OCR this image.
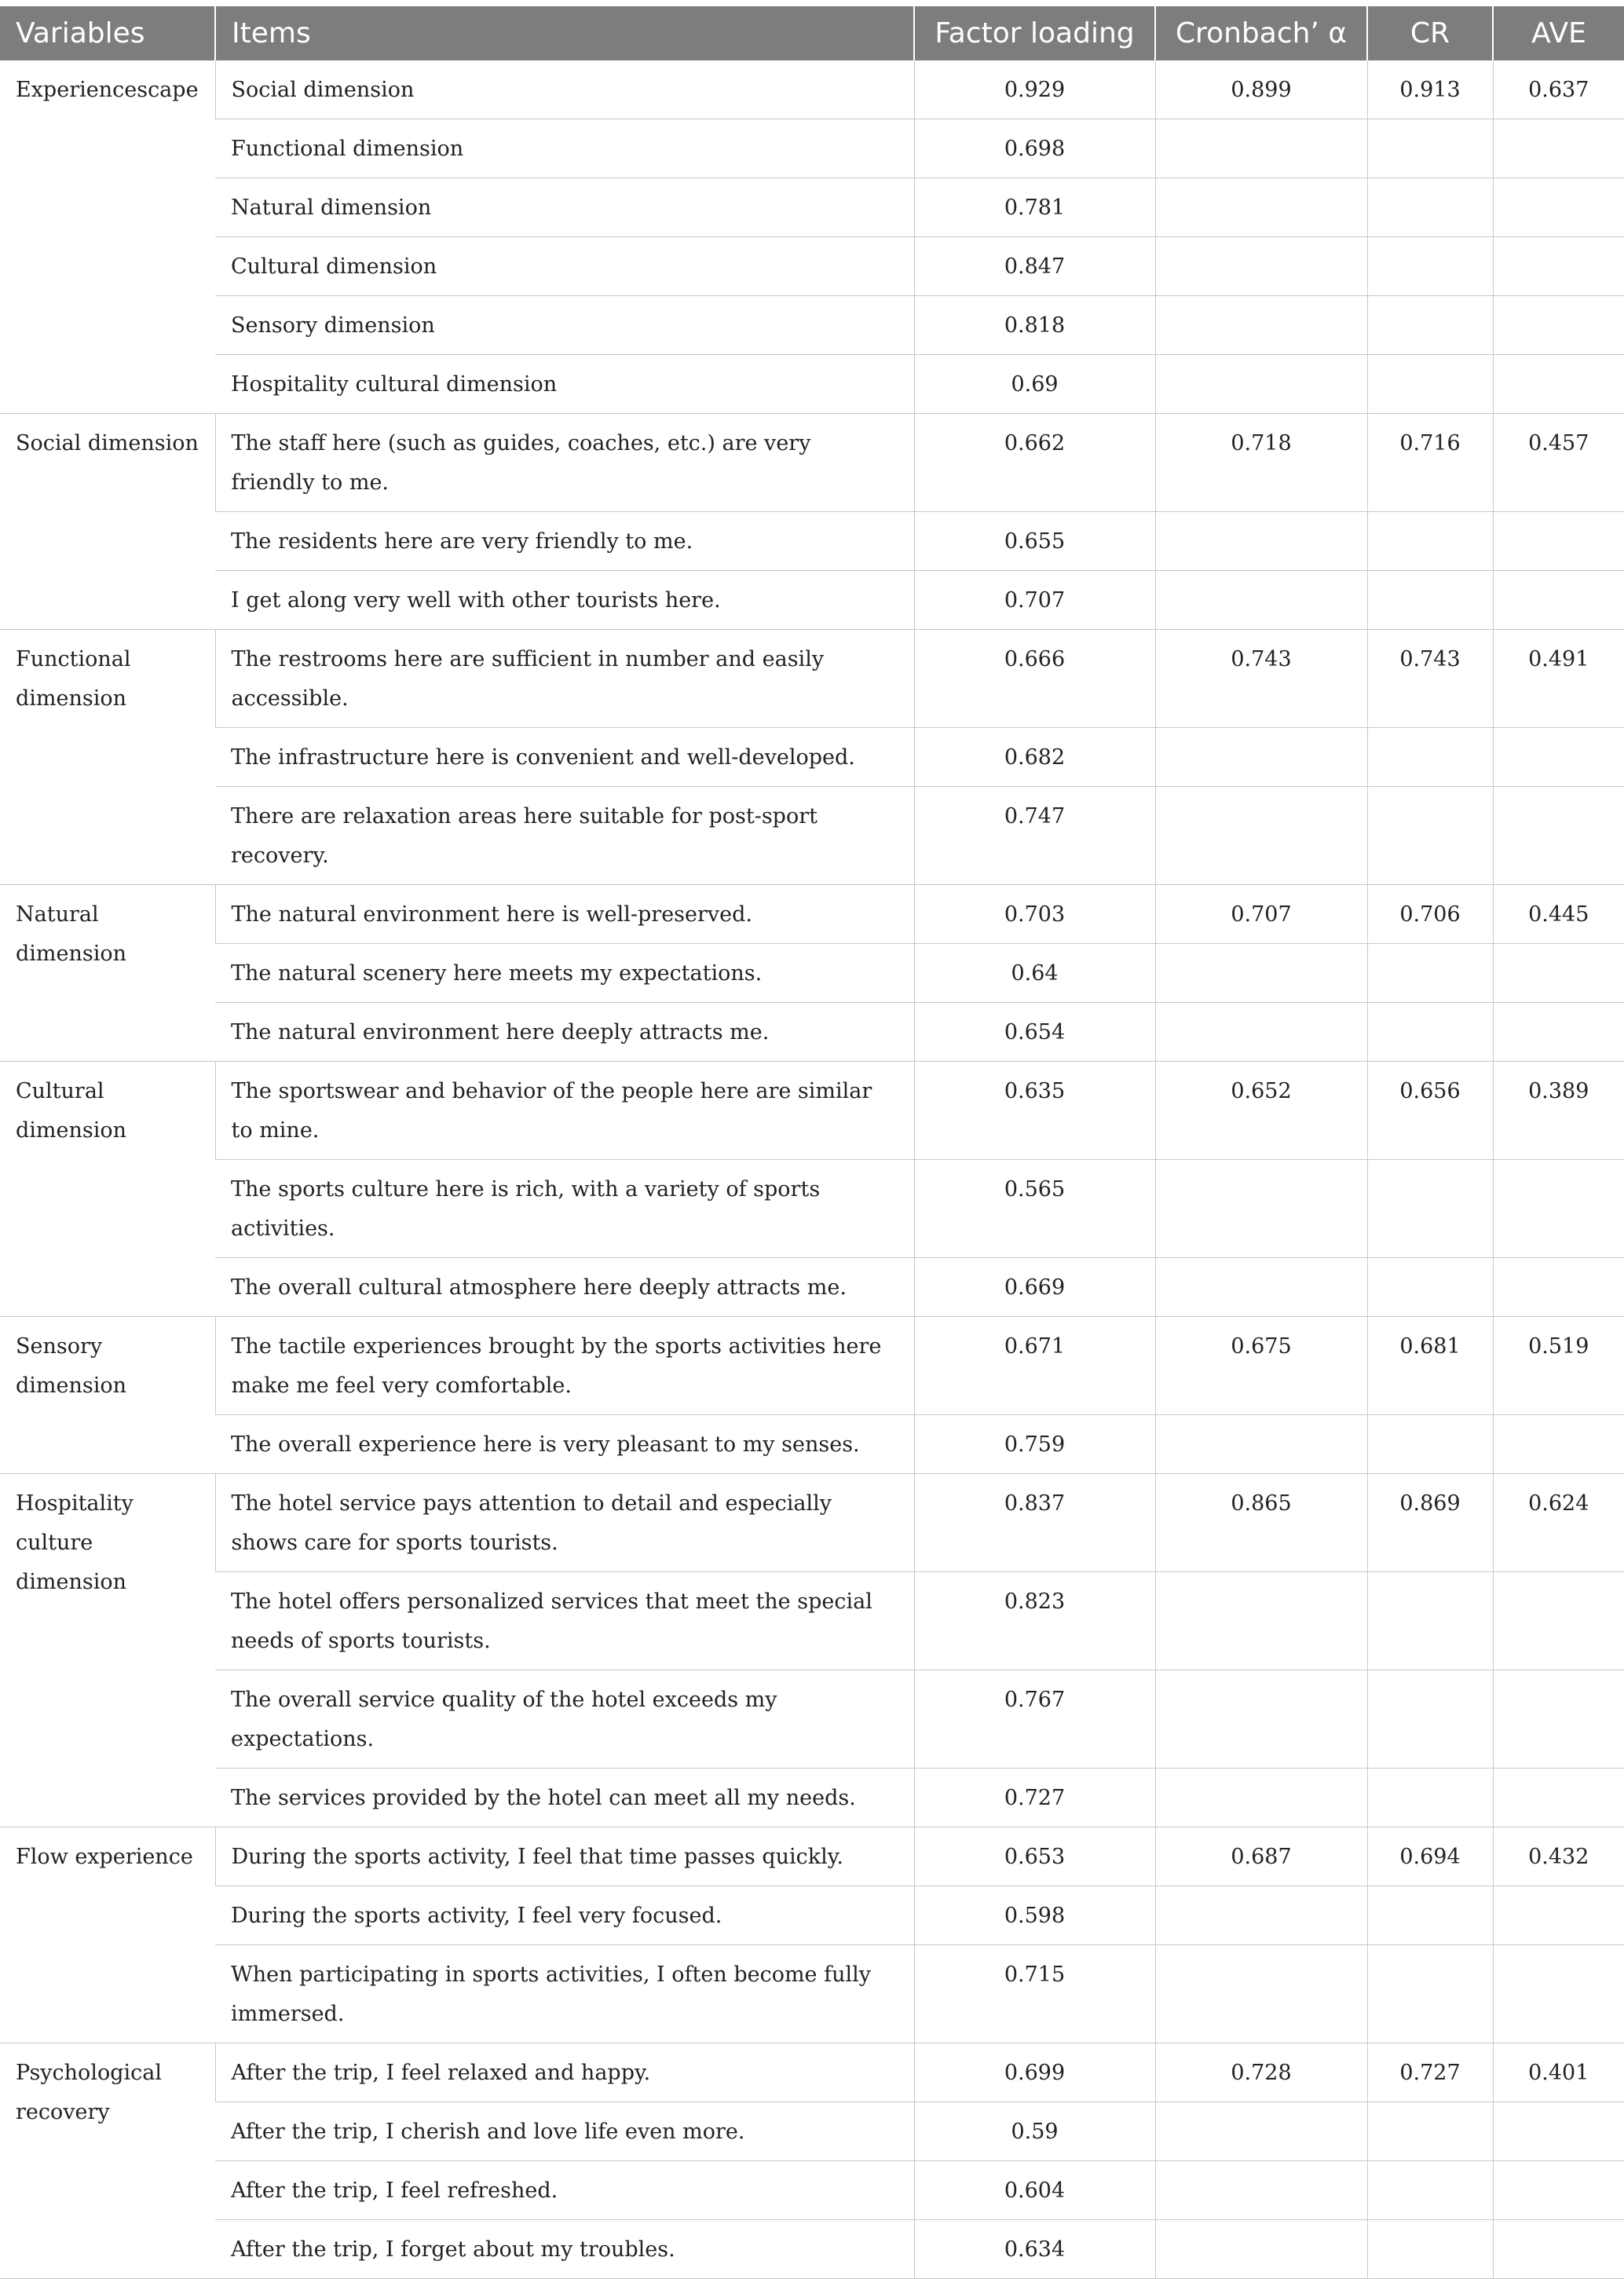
Variables	Items	Factor loading	Cronbach’ α	CR	AVE
Experiencescape	Social dimension	0.929	0.899	0.913	0.637
	Functional dimension	0.698			
	Natural dimension	0.781			
	Cultural dimension	0.847			
	Sensory dimension	0.818			
	Hospitality cultural dimension	0.69			
Social dimension	The staff here (such as guides, coaches, etc.) are very friendly to me.	0.662	0.718	0.716	0.457
	The residents here are very friendly to me.	0.655			
	I get along very well with other tourists here.	0.707			
Functional dimension	The restrooms here are sufficient in number and easily accessible.	0.666	0.743	0.743	0.491
	The infrastructure here is convenient and well-developed.	0.682			
	There are relaxation areas here suitable for post-sport recovery.	0.747			
Natural dimension	The natural environment here is well-preserved.	0.703	0.707	0.706	0.445
	The natural scenery here meets my expectations.	0.64			
	The natural environment here deeply attracts me.	0.654			
Cultural dimension	The sportswear and behavior of the people here are similar to mine.	0.635	0.652	0.656	0.389
	The sports culture here is rich, with a variety of sports activities.	0.565			
	The overall cultural atmosphere here deeply attracts me.	0.669			
Sensory dimension	The tactile experiences brought by the sports activities here make me feel very comfortable.	0.671	0.675	0.681	0.519
	The overall experience here is very pleasant to my senses.	0.759			
Hospitality culture dimension	The hotel service pays attention to detail and especially shows care for sports tourists.	0.837	0.865	0.869	0.624
	The hotel offers personalized services that meet the special needs of sports tourists.	0.823			
	The overall service quality of the hotel exceeds my expectations.	0.767			
	The services provided by the hotel can meet all my needs.	0.727			
Flow experience	During the sports activity, I feel that time passes quickly.	0.653	0.687	0.694	0.432
	During the sports activity, I feel very focused.	0.598			
	When participating in sports activities, I often become fully immersed.	0.715			
Psychological recovery	After the trip, I feel relaxed and happy.	0.699	0.728	0.727	0.401
	After the trip, I cherish and love life even more.	0.59			
	After the trip, I feel refreshed.	0.604			
	After the trip, I forget about my troubles.	0.634			
